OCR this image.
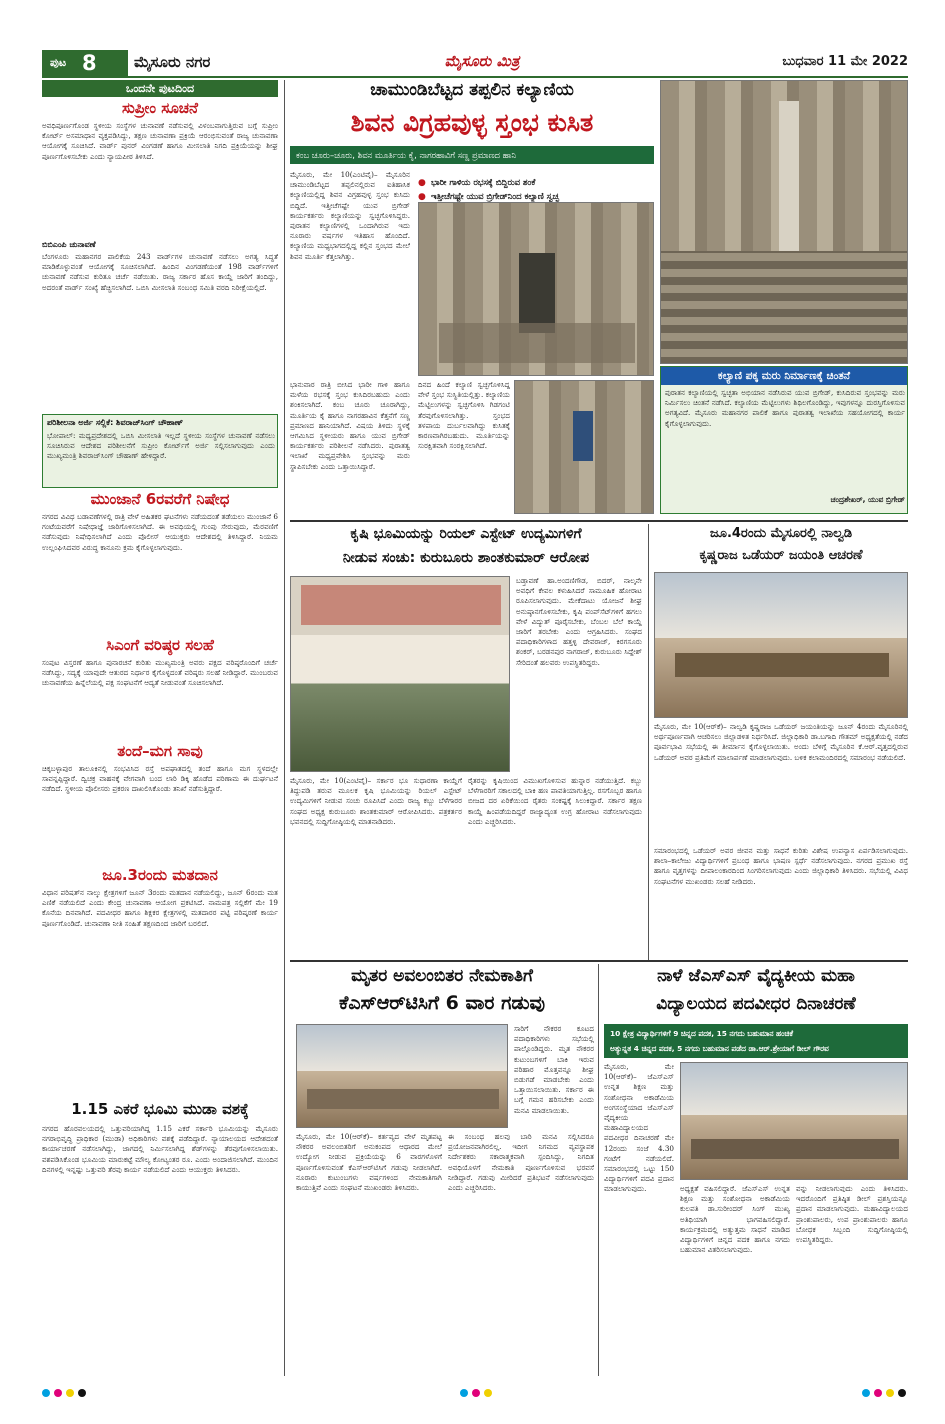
ಪುಟ 8 ಮೈಸೂರು ನಗರ	ಮೈಸೂರು ಮಿತ್ರ	ಬುಧವಾರ 11 ಮೇ 2022
ಒಂದನೇ ಪುಟದಿಂದ
ಸುಪ್ರೀಂ ಸೂಚನೆ
ಅವಧಿಪೂರ್ಣಗೊಂಡ ಸ್ಥಳೀಯ ಸಂಸ್ಥೆಗಳ ಚುನಾವಣೆ ನಡೆಸುವಲ್ಲಿ ವಿಳಂಬವಾಗುತ್ತಿರುವ ಬಗ್ಗೆ ಸುಪ್ರೀಂ ಕೋರ್ಟ್ ಅಸಮಾಧಾನ ವ್ಯಕ್ತಪಡಿಸಿದ್ದು, ತಕ್ಷಣ ಚುನಾವಣಾ ಪ್ರಕ್ರಿಯೆ ಆರಂಭಿಸುವಂತೆ ರಾಜ್ಯ ಚುನಾವಣಾ ಆಯೋಗಕ್ಕೆ ಸೂಚಿಸಿದೆ. ವಾರ್ಡ್ ಪುನರ್ ವಿಂಗಡಣೆ ಹಾಗೂ ಮೀಸಲಾತಿ ನಿಗದಿ ಪ್ರಕ್ರಿಯೆಯನ್ನು ಶೀಘ್ರ ಪೂರ್ಣಗೊಳಿಸಬೇಕು ಎಂದು ನ್ಯಾಯಪೀಠ ತಿಳಿಸಿದೆ.
ಬಿಬಿಎಂಪಿ ಚುನಾವಣೆ
ಬೆಂಗಳೂರು ಮಹಾನಗರ ಪಾಲಿಕೆಯ 243 ವಾರ್ಡ್‌ಗಳ ಚುನಾವಣೆ ನಡೆಸಲು ಅಗತ್ಯ ಸಿದ್ಧತೆ ಮಾಡಿಕೊಳ್ಳುವಂತೆ ಆಯೋಗಕ್ಕೆ ಸೂಚಿಸಲಾಗಿದೆ. ಹಿಂದಿನ ವಿಂಗಡಣೆಯಂತೆ 198 ವಾರ್ಡ್‌ಗಳಿಗೆ ಚುನಾವಣೆ ನಡೆಸುವ ಕುರಿತೂ ಚರ್ಚೆ ನಡೆಯಿತು. ರಾಜ್ಯ ಸರ್ಕಾರ ಹೊಸ ಕಾಯ್ದೆ ಜಾರಿಗೆ ತಂದಿದ್ದು, ಅದರಂತೆ ವಾರ್ಡ್ ಸಂಖ್ಯೆ ಹೆಚ್ಚಿಸಲಾಗಿದೆ. ಒಬಿಸಿ ಮೀಸಲಾತಿ ಸಂಬಂಧ ಸಮಿತಿ ವರದಿ ನಿರೀಕ್ಷೆಯಲ್ಲಿದೆ.
ಪರಿಶೀಲನಾ ಅರ್ಜಿ ಸಲ್ಲಿಕೆ: ಶಿವರಾಜ್‌ಸಿಂಗ್ ಚೌಹಾಣ್
ಭೋಪಾಲ್: ಮಧ್ಯಪ್ರದೇಶದಲ್ಲಿ ಒಬಿಸಿ ಮೀಸಲಾತಿ ಇಲ್ಲದೆ ಸ್ಥಳೀಯ ಸಂಸ್ಥೆಗಳ ಚುನಾವಣೆ ನಡೆಸಲು ಸೂಚಿಸಿರುವ ಆದೇಶದ ಪರಿಶೀಲನೆಗೆ ಸುಪ್ರೀಂ ಕೋರ್ಟ್‌ಗೆ ಅರ್ಜಿ ಸಲ್ಲಿಸಲಾಗುವುದು ಎಂದು ಮುಖ್ಯಮಂತ್ರಿ ಶಿವರಾಜ್‌ಸಿಂಗ್ ಚೌಹಾಣ್ ಹೇಳಿದ್ದಾರೆ.
ಮುಂಜಾನೆ 6ರವರೆಗೆ ನಿಷೇಧ
ನಗರದ ವಿವಿಧ ಬಡಾವಣೆಗಳಲ್ಲಿ ರಾತ್ರಿ ವೇಳೆ ಅಹಿತಕರ ಘಟನೆಗಳು ನಡೆಯದಂತೆ ತಡೆಯಲು ಮುಂಜಾನೆ 6 ಗಂಟೆಯವರೆಗೆ ನಿಷೇಧಾಜ್ಞೆ ಜಾರಿಗೊಳಿಸಲಾಗಿದೆ. ಈ ಅವಧಿಯಲ್ಲಿ ಗುಂಪು ಸೇರುವುದು, ಮೆರವಣಿಗೆ ನಡೆಸುವುದು ನಿಷೇಧಿಸಲಾಗಿದೆ ಎಂದು ಪೊಲೀಸ್ ಆಯುಕ್ತರು ಆದೇಶದಲ್ಲಿ ತಿಳಿಸಿದ್ದಾರೆ. ನಿಯಮ ಉಲ್ಲಂಘಿಸಿದವರ ವಿರುದ್ಧ ಕಾನೂನು ಕ್ರಮ ಕೈಗೊಳ್ಳಲಾಗುವುದು.
ಸಿಎಂಗೆ ವರಿಷ್ಠರ ಸಲಹೆ
ಸಂಪುಟ ವಿಸ್ತರಣೆ ಹಾಗೂ ಪುನಾರಚನೆ ಕುರಿತು ಮುಖ್ಯಮಂತ್ರಿ ಅವರು ಪಕ್ಷದ ವರಿಷ್ಠರೊಂದಿಗೆ ಚರ್ಚೆ ನಡೆಸಿದ್ದು, ಸದ್ಯಕ್ಕೆ ಯಾವುದೇ ಆತುರದ ನಿರ್ಧಾರ ಕೈಗೊಳ್ಳದಂತೆ ವರಿಷ್ಠರು ಸಲಹೆ ನೀಡಿದ್ದಾರೆ. ಮುಂಬರುವ ಚುನಾವಣೆಯ ಹಿನ್ನೆಲೆಯಲ್ಲಿ ಪಕ್ಷ ಸಂಘಟನೆಗೆ ಆದ್ಯತೆ ನೀಡುವಂತೆ ಸೂಚಿಸಲಾಗಿದೆ.
ತಂದೆ–ಮಗ ಸಾವು
ಚಿಕ್ಕಬಳ್ಳಾಪುರ ತಾಲೂಕಿನಲ್ಲಿ ಸಂಭವಿಸಿದ ರಸ್ತೆ ಅಪಘಾತದಲ್ಲಿ ತಂದೆ ಹಾಗೂ ಮಗ ಸ್ಥಳದಲ್ಲೇ ಸಾವನ್ನಪ್ಪಿದ್ದಾರೆ. ದ್ವಿಚಕ್ರ ವಾಹನಕ್ಕೆ ವೇಗವಾಗಿ ಬಂದ ಲಾರಿ ಡಿಕ್ಕಿ ಹೊಡೆದ ಪರಿಣಾಮ ಈ ದುರ್ಘಟನೆ ನಡೆದಿದೆ. ಸ್ಥಳೀಯ ಪೊಲೀಸರು ಪ್ರಕರಣ ದಾಖಲಿಸಿಕೊಂಡು ತನಿಖೆ ನಡೆಸುತ್ತಿದ್ದಾರೆ.
ಜೂ.3ರಂದು ಮತದಾನ
ವಿಧಾನ ಪರಿಷತ್‌ನ ನಾಲ್ಕು ಕ್ಷೇತ್ರಗಳಿಗೆ ಜೂನ್ 3ರಂದು ಮತದಾನ ನಡೆಯಲಿದ್ದು, ಜೂನ್ 6ರಂದು ಮತ ಎಣಿಕೆ ನಡೆಯಲಿದೆ ಎಂದು ಕೇಂದ್ರ ಚುನಾವಣಾ ಆಯೋಗ ಪ್ರಕಟಿಸಿದೆ. ನಾಮಪತ್ರ ಸಲ್ಲಿಕೆಗೆ ಮೇ 19 ಕೊನೆಯ ದಿನವಾಗಿದೆ. ಪದವೀಧರ ಹಾಗೂ ಶಿಕ್ಷಕರ ಕ್ಷೇತ್ರಗಳಲ್ಲಿ ಮತದಾರರ ಪಟ್ಟಿ ಪರಿಷ್ಕರಣೆ ಕಾರ್ಯ ಪೂರ್ಣಗೊಂಡಿದೆ. ಚುನಾವಣಾ ನೀತಿ ಸಂಹಿತೆ ತಕ್ಷಣದಿಂದ ಜಾರಿಗೆ ಬರಲಿದೆ.
1.15 ಎಕರೆ ಭೂಮಿ ಮುಡಾ ವಶಕ್ಕೆ
ನಗರದ ಹೊರವಲಯದಲ್ಲಿ ಒತ್ತುವರಿಯಾಗಿದ್ದ 1.15 ಎಕರೆ ಸರ್ಕಾರಿ ಭೂಮಿಯನ್ನು ಮೈಸೂರು ನಗರಾಭಿವೃದ್ಧಿ ಪ್ರಾಧಿಕಾರ (ಮುಡಾ) ಅಧಿಕಾರಿಗಳು ವಶಕ್ಕೆ ಪಡೆದಿದ್ದಾರೆ. ನ್ಯಾಯಾಲಯದ ಆದೇಶದಂತೆ ಕಾರ್ಯಾಚರಣೆ ನಡೆಸಲಾಗಿದ್ದು, ಜಾಗದಲ್ಲಿ ನಿರ್ಮಿಸಲಾಗಿದ್ದ ಶೆಡ್‌ಗಳನ್ನು ತೆರವುಗೊಳಿಸಲಾಯಿತು. ವಶಪಡಿಸಿಕೊಂಡ ಭೂಮಿಯ ಮಾರುಕಟ್ಟೆ ಮೌಲ್ಯ ಕೋಟ್ಯಂತರ ರೂ. ಎಂದು ಅಂದಾಜಿಸಲಾಗಿದೆ. ಮುಂದಿನ ದಿನಗಳಲ್ಲಿ ಇನ್ನಷ್ಟು ಒತ್ತುವರಿ ತೆರವು ಕಾರ್ಯ ನಡೆಯಲಿದೆ ಎಂದು ಆಯುಕ್ತರು ತಿಳಿಸಿದರು.
ಚಾಮುಂಡಿಬೆಟ್ಟದ ತಪ್ಪಲಿನ ಕಲ್ಯಾಣಿಯ
ಶಿವನ ವಿಗ್ರಹವುಳ್ಳ ಸ್ತಂಭ ಕುಸಿತ
ಕಂಬ ಚೂರು–ಚೂರು, ಶಿವನ ಮೂರ್ತಿಯ ಕೈ, ನಾಗರಹಾವಿಗೆ ಸಣ್ಣ ಪ್ರಮಾಣದ ಹಾನಿ
ಮೈಸೂರು, ಮೇ 10(ಎಂಟಿವೈ)– ಮೈಸೂರಿನ ಚಾಮುಂಡಿಬೆಟ್ಟದ ತಪ್ಪಲಿನಲ್ಲಿರುವ ಐತಿಹಾಸಿಕ ಕಲ್ಯಾಣಿಯಲ್ಲಿದ್ದ ಶಿವನ ವಿಗ್ರಹವುಳ್ಳ ಸ್ತಂಭ ಕುಸಿದು ಬಿದ್ದಿದೆ. ಇತ್ತೀಚೆಗಷ್ಟೇ ಯುವ ಬ್ರಿಗೇಡ್ ಕಾರ್ಯಕರ್ತರು ಕಲ್ಯಾಣಿಯನ್ನು ಸ್ವಚ್ಛಗೊಳಿಸಿದ್ದರು. ಪುರಾತನ ಕಲ್ಯಾಣಿಗಳಲ್ಲಿ ಒಂದಾಗಿರುವ ಇದು ನೂರಾರು ವರ್ಷಗಳ ಇತಿಹಾಸ ಹೊಂದಿದೆ. ಕಲ್ಯಾಣಿಯ ಮಧ್ಯಭಾಗದಲ್ಲಿದ್ದ ಕಲ್ಲಿನ ಸ್ತಂಭದ ಮೇಲೆ ಶಿವನ ಮೂರ್ತಿ ಕೆತ್ತಲಾಗಿತ್ತು.
ಭಾನುವಾರ ರಾತ್ರಿ ಬೀಸಿದ ಭಾರೀ ಗಾಳಿ ಹಾಗೂ ಮಳೆಯ ರಭಸಕ್ಕೆ ಸ್ತಂಭ ಕುಸಿದಿರಬಹುದು ಎಂದು ಶಂಕಿಸಲಾಗಿದೆ. ಕಂಬ ಚೂರು ಚೂರಾಗಿದ್ದು, ಮೂರ್ತಿಯ ಕೈ ಹಾಗೂ ನಾಗರಹಾವಿನ ಕೆತ್ತನೆಗೆ ಸಣ್ಣ ಪ್ರಮಾಣದ ಹಾನಿಯಾಗಿದೆ. ವಿಷಯ ತಿಳಿದು ಸ್ಥಳಕ್ಕೆ ಆಗಮಿಸಿದ ಸ್ಥಳೀಯರು ಹಾಗೂ ಯುವ ಬ್ರಿಗೇಡ್ ಕಾರ್ಯಕರ್ತರು ಪರಿಶೀಲನೆ ನಡೆಸಿದರು. ಪುರಾತತ್ವ ಇಲಾಖೆ ಮಧ್ಯಪ್ರವೇಶಿಸಿ ಸ್ತಂಭವನ್ನು ಮರು ಸ್ಥಾಪಿಸಬೇಕು ಎಂದು ಒತ್ತಾಯಿಸಿದ್ದಾರೆ.
● ಭಾರೀ ಗಾಳಿಯ ರಭಸಕ್ಕೆ ಬಿದ್ದಿರುವ ಶಂಕೆ
● ಇತ್ತೀಚೆಗಷ್ಟೇ ಯುವ ಬ್ರಿಗೇಡ್‌ನಿಂದ ಕಲ್ಯಾಣಿ ಸ್ವಚ್ಛ
ದಿನದ ಹಿಂದೆ ಕಲ್ಯಾಣಿ ಸ್ವಚ್ಛಗೊಳಿಸಿದ್ದ ವೇಳೆ ಸ್ತಂಭ ಸುಸ್ಥಿತಿಯಲ್ಲಿತ್ತು. ಕಲ್ಯಾಣಿಯ ಮೆಟ್ಟಿಲುಗಳನ್ನು ಸ್ವಚ್ಛಗೊಳಿಸಿ ಗಿಡಗಂಟಿ ತೆರವುಗೊಳಿಸಲಾಗಿತ್ತು. ಸ್ತಂಭದ ತಳಪಾಯ ದುರ್ಬಲವಾಗಿದ್ದು ಕುಸಿತಕ್ಕೆ ಕಾರಣವಾಗಿರಬಹುದು. ಮೂರ್ತಿಯನ್ನು ಸುರಕ್ಷಿತವಾಗಿ ಸಂರಕ್ಷಿಸಲಾಗಿದೆ.
ಕಲ್ಯಾಣಿ ಪಕ್ಕ ಮರು ನಿರ್ಮಾಣಕ್ಕೆ ಚಿಂತನೆ
ಪುರಾತನ ಕಲ್ಯಾಣಿಯಲ್ಲಿ ಸ್ವಚ್ಛತಾ ಅಭಿಯಾನ ನಡೆಸಿರುವ ಯುವ ಬ್ರಿಗೇಡ್, ಕುಸಿದಿರುವ ಸ್ತಂಭವನ್ನು ಮರು ನಿರ್ಮಿಸಲು ಚಿಂತನೆ ನಡೆಸಿದೆ. ಕಲ್ಯಾಣಿಯ ಮೆಟ್ಟಿಲುಗಳು ಶಿಥಿಲಗೊಂಡಿದ್ದು, ಇವುಗಳನ್ನೂ ದುರಸ್ತಿಗೊಳಿಸುವ ಅಗತ್ಯವಿದೆ. ಮೈಸೂರು ಮಹಾನಗರ ಪಾಲಿಕೆ ಹಾಗೂ ಪುರಾತತ್ವ ಇಲಾಖೆಯ ಸಹಯೋಗದಲ್ಲಿ ಕಾರ್ಯ ಕೈಗೊಳ್ಳಲಾಗುವುದು.
ಚಂದ್ರಶೇಖರ್, ಯುವ ಬ್ರಿಗೇಡ್
ಕೃಷಿ ಭೂಮಿಯನ್ನು ರಿಯಲ್ ಎಸ್ಟೇಟ್ ಉದ್ಯಮಿಗಳಿಗೆ
ನೀಡುವ ಸಂಚು: ಕುರುಬೂರು ಶಾಂತಕುಮಾರ್ ಆರೋಪ
ಬಡ್ತಾವಣೆ ಹಾ.ಅಂದಣಿಗೌಡ, ಬಿದರ್, ನಾಲ್ಕನೇ ಅವಧಿಗೆ ಕೇವಲ ಕಳುಹಿಸಿದರೆ ಸಾಮೂಹಿಕ ಹೋರಾಟ ರೂಪಿಸಲಾಗುವುದು. ಮೇಕೆದಾಟು ಯೋಜನೆ ಶೀಘ್ರ ಅನುಷ್ಠಾನಗೊಳಿಸಬೇಕು, ಕೃಷಿ ಪಂಪ್‌ಸೆಟ್‌ಗಳಿಗೆ ಹಗಲು ವೇಳೆ ವಿದ್ಯುತ್ ಪೂರೈಸಬೇಕು, ಬೆಂಬಲ ಬೆಲೆ ಕಾಯ್ದೆ ಜಾರಿಗೆ ತರಬೇಕು ಎಂದು ಆಗ್ರಹಿಸಿದರು. ಸಂಘದ ಪದಾಧಿಕಾರಿಗಳಾದ ಹತ್ತಳ್ಳಿ ದೇವರಾಜ್, ಕಿರಗಸೂರು ಶಂಕರ್, ಬರಡನಪುರ ನಾಗರಾಜ್, ಕುರುಬೂರು ಸಿದ್ದೇಶ್ ಸೇರಿದಂತೆ ಹಲವರು ಉಪಸ್ಥಿತರಿದ್ದರು.
ಮೈಸೂರು, ಮೇ 10(ಎಂಟಿವೈ)– ಸರ್ಕಾರ ಭೂ ಸುಧಾರಣಾ ಕಾಯ್ದೆಗೆ ತಿದ್ದುಪಡಿ ತರುವ ಮೂಲಕ ಕೃಷಿ ಭೂಮಿಯನ್ನು ರಿಯಲ್ ಎಸ್ಟೇಟ್ ಉದ್ಯಮಿಗಳಿಗೆ ನೀಡುವ ಸಂಚು ರೂಪಿಸಿದೆ ಎಂದು ರಾಜ್ಯ ಕಬ್ಬು ಬೆಳೆಗಾರರ ಸಂಘದ ಅಧ್ಯಕ್ಷ ಕುರುಬೂರು ಶಾಂತಕುಮಾರ್ ಆರೋಪಿಸಿದರು. ಪತ್ರಕರ್ತರ ಭವನದಲ್ಲಿ ಸುದ್ದಿಗೋಷ್ಠಿಯಲ್ಲಿ ಮಾತನಾಡಿದರು.
ರೈತರನ್ನು ಕೃಷಿಯಿಂದ ವಿಮುಖಗೊಳಿಸುವ ಹುನ್ನಾರ ನಡೆಯುತ್ತಿದೆ. ಕಬ್ಬು ಬೆಳೆಗಾರರಿಗೆ ಸಕಾಲದಲ್ಲಿ ಬಾಕಿ ಹಣ ಪಾವತಿಯಾಗುತ್ತಿಲ್ಲ. ರಸಗೊಬ್ಬರ ಹಾಗೂ ಬೀಜದ ದರ ಏರಿಕೆಯಿಂದ ರೈತರು ಸಂಕಷ್ಟಕ್ಕೆ ಸಿಲುಕಿದ್ದಾರೆ. ಸರ್ಕಾರ ತಕ್ಷಣ ಕಾಯ್ದೆ ಹಿಂಪಡೆಯದಿದ್ದರೆ ರಾಜ್ಯಾದ್ಯಂತ ಉಗ್ರ ಹೋರಾಟ ನಡೆಸಲಾಗುವುದು ಎಂದು ಎಚ್ಚರಿಸಿದರು.
ಜೂ.4ರಂದು ಮೈಸೂರಲ್ಲಿ ನಾಲ್ವಡಿ
ಕೃಷ್ಣರಾಜ ಒಡೆಯರ್ ಜಯಂತಿ ಆಚರಣೆ
ಮೈಸೂರು, ಮೇ 10(ಆರ್‌ಕೆ)– ನಾಲ್ವಡಿ ಕೃಷ್ಣರಾಜ ಒಡೆಯರ್ ಜಯಂತಿಯನ್ನು ಜೂನ್ 4ರಂದು ಮೈಸೂರಿನಲ್ಲಿ ಅರ್ಥಪೂರ್ಣವಾಗಿ ಆಚರಿಸಲು ಜಿಲ್ಲಾಡಳಿತ ನಿರ್ಧರಿಸಿದೆ. ಜಿಲ್ಲಾಧಿಕಾರಿ ಡಾ.ಬಗಾದಿ ಗೌತಮ್ ಅಧ್ಯಕ್ಷತೆಯಲ್ಲಿ ನಡೆದ ಪೂರ್ವಭಾವಿ ಸಭೆಯಲ್ಲಿ ಈ ತೀರ್ಮಾನ ಕೈಗೊಳ್ಳಲಾಯಿತು. ಅಂದು ಬೆಳಿಗ್ಗೆ ಮೈಸೂರಿನ ಕೆ.ಆರ್.ವೃತ್ತದಲ್ಲಿರುವ ಒಡೆಯರ್ ಅವರ ಪ್ರತಿಮೆಗೆ ಮಾಲಾರ್ಪಣೆ ಮಾಡಲಾಗುವುದು. ಬಳಿಕ ಕಲಾಮಂದಿರದಲ್ಲಿ ಸಮಾರಂಭ ನಡೆಯಲಿದೆ.
ಸಮಾರಂಭದಲ್ಲಿ ಒಡೆಯರ್ ಅವರ ಜೀವನ ಮತ್ತು ಸಾಧನೆ ಕುರಿತು ವಿಶೇಷ ಉಪನ್ಯಾಸ ಏರ್ಪಡಿಸಲಾಗುವುದು. ಶಾಲಾ–ಕಾಲೇಜು ವಿದ್ಯಾರ್ಥಿಗಳಿಗೆ ಪ್ರಬಂಧ ಹಾಗೂ ಭಾಷಣ ಸ್ಪರ್ಧೆ ನಡೆಸಲಾಗುವುದು. ನಗರದ ಪ್ರಮುಖ ರಸ್ತೆ ಹಾಗೂ ವೃತ್ತಗಳನ್ನು ದೀಪಾಲಂಕಾರದಿಂದ ಸಿಂಗರಿಸಲಾಗುವುದು ಎಂದು ಜಿಲ್ಲಾಧಿಕಾರಿ ತಿಳಿಸಿದರು. ಸಭೆಯಲ್ಲಿ ವಿವಿಧ ಸಂಘಟನೆಗಳ ಮುಖಂಡರು ಸಲಹೆ ನೀಡಿದರು.
ಮೃತರ ಅವಲಂಬಿತರ ನೇಮಕಾತಿಗೆ
ಕೆಎಸ್‌ಆರ್‌ಟಿಸಿಗೆ 6 ವಾರ ಗಡುವು
ಸಾರಿಗೆ ನೌಕರರ ಕೂಟದ ಪದಾಧಿಕಾರಿಗಳು ಸಭೆಯಲ್ಲಿ ಪಾಲ್ಗೊಂಡಿದ್ದರು. ಮೃತ ನೌಕರರ ಕುಟುಂಬಗಳಿಗೆ ಬಾಕಿ ಇರುವ ಪರಿಹಾರ ಮೊತ್ತವನ್ನೂ ಶೀಘ್ರ ಬಿಡುಗಡೆ ಮಾಡಬೇಕು ಎಂದು ಒತ್ತಾಯಿಸಲಾಯಿತು. ಸರ್ಕಾರ ಈ ಬಗ್ಗೆ ಗಮನ ಹರಿಸಬೇಕು ಎಂದು ಮನವಿ ಮಾಡಲಾಯಿತು.
ಮೈಸೂರು, ಮೇ 10(ಆರ್‌ಕೆ)– ಕರ್ತವ್ಯದ ವೇಳೆ ಮೃತಪಟ್ಟ ನೌಕರರ ಅವಲಂಬಿತರಿಗೆ ಅನುಕಂಪದ ಆಧಾರದ ಮೇಲೆ ಉದ್ಯೋಗ ನೀಡುವ ಪ್ರಕ್ರಿಯೆಯನ್ನು 6 ವಾರಗಳೊಳಗೆ ಪೂರ್ಣಗೊಳಿಸುವಂತೆ ಕೆಎಸ್‌ಆರ್‌ಟಿಸಿಗೆ ಗಡುವು ನೀಡಲಾಗಿದೆ. ನೂರಾರು ಕುಟುಂಬಗಳು ವರ್ಷಗಳಿಂದ ನೇಮಕಾತಿಗಾಗಿ ಕಾಯುತ್ತಿವೆ ಎಂದು ಸಂಘಟನೆ ಮುಖಂಡರು ತಿಳಿಸಿದರು.
ಈ ಸಂಬಂಧ ಹಲವು ಬಾರಿ ಮನವಿ ಸಲ್ಲಿಸಿದರೂ ಪ್ರಯೋಜನವಾಗಿರಲಿಲ್ಲ. ಇದೀಗ ನಿಗಮದ ವ್ಯವಸ್ಥಾಪಕ ನಿರ್ದೇಶಕರು ಸಕಾರಾತ್ಮಕವಾಗಿ ಸ್ಪಂದಿಸಿದ್ದು, ನಿಗದಿತ ಅವಧಿಯೊಳಗೆ ನೇಮಕಾತಿ ಪೂರ್ಣಗೊಳಿಸುವ ಭರವಸೆ ನೀಡಿದ್ದಾರೆ. ಗಡುವು ಮೀರಿದರೆ ಪ್ರತಿಭಟನೆ ನಡೆಸಲಾಗುವುದು ಎಂದು ಎಚ್ಚರಿಸಿದರು.
ನಾಳೆ ಜೆಎಸ್‌ಎಸ್ ವೈದ್ಯಕೀಯ ಮಹಾ
ವಿದ್ಯಾಲಯದ ಪದವೀಧರ ದಿನಾಚರಣೆ
10 ಕ್ಷೇತ್ರ ವಿದ್ಯಾರ್ಥಿಗಳಿಗೆ 9 ಚಿನ್ನದ ಪದಕ, 15 ನಗದು ಬಹುಮಾನ ಹಂಚಿಕೆ
ಅತ್ಯುನ್ನತ 4 ಚಿನ್ನದ ಪದಕ, 5 ನಗದು ಬಹುಮಾನ ಪಡೆದ ಡಾ.ಆರ್.ಶ್ರೇಯಾಗೆ ಡೀಲ್ ಗೌರವ
ಮೈಸೂರು, ಮೇ 10(ಆರ್‌ಕೆ)– ಜೆಎಸ್‌ಎಸ್ ಉನ್ನತ ಶಿಕ್ಷಣ ಮತ್ತು ಸಂಶೋಧನಾ ಅಕಾಡೆಮಿಯ ಅಂಗಸಂಸ್ಥೆಯಾದ ಜೆಎಸ್‌ಎಸ್ ವೈದ್ಯಕೀಯ ಮಹಾವಿದ್ಯಾಲಯದ ಪದವೀಧರ ದಿನಾಚರಣೆ ಮೇ 12ರಂದು ಸಂಜೆ 4.30 ಗಂಟೆಗೆ ನಡೆಯಲಿದೆ. ಸಮಾರಂಭದಲ್ಲಿ ಒಟ್ಟು 150 ವಿದ್ಯಾರ್ಥಿಗಳಿಗೆ ಪದವಿ ಪ್ರದಾನ ಮಾಡಲಾಗುವುದು.	ಅಧ್ಯಕ್ಷತೆ ವಹಿಸಲಿದ್ದಾರೆ. ಜೆಎಸ್‌ಎಸ್ ಉನ್ನತ ಶಿಕ್ಷಣ ಮತ್ತು ಸಂಶೋಧನಾ ಅಕಾಡೆಮಿಯ ಕುಲಪತಿ ಡಾ.ಸುರೀಂದರ್ ಸಿಂಗ್ ಮುಖ್ಯ ಅತಿಥಿಯಾಗಿ ಭಾಗವಹಿಸಲಿದ್ದಾರೆ. ಕಾರ್ಯಕ್ರಮದಲ್ಲಿ ಅತ್ಯುತ್ತಮ ಸಾಧನೆ ಮಾಡಿದ ವಿದ್ಯಾರ್ಥಿಗಳಿಗೆ ಚಿನ್ನದ ಪದಕ ಹಾಗೂ ನಗದು ಬಹುಮಾನ ವಿತರಿಸಲಾಗುವುದು.
ವನ್ನು ನೀಡಲಾಗುವುದು ಎಂದು ತಿಳಿಸಿದರು. ಇದರೊಂದಿಗೆ ಪ್ರತಿಷ್ಠಿತ ಡೀಲ್ ಪ್ರಶಸ್ತಿಯನ್ನೂ ಪ್ರದಾನ ಮಾಡಲಾಗುವುದು. ಮಹಾವಿದ್ಯಾಲಯದ ಪ್ರಾಂಶುಪಾಲರು, ಉಪ ಪ್ರಾಂಶುಪಾಲರು ಹಾಗೂ ಬೋಧಕ ಸಿಬ್ಬಂದಿ ಸುದ್ದಿಗೋಷ್ಠಿಯಲ್ಲಿ ಉಪಸ್ಥಿತರಿದ್ದರು.
